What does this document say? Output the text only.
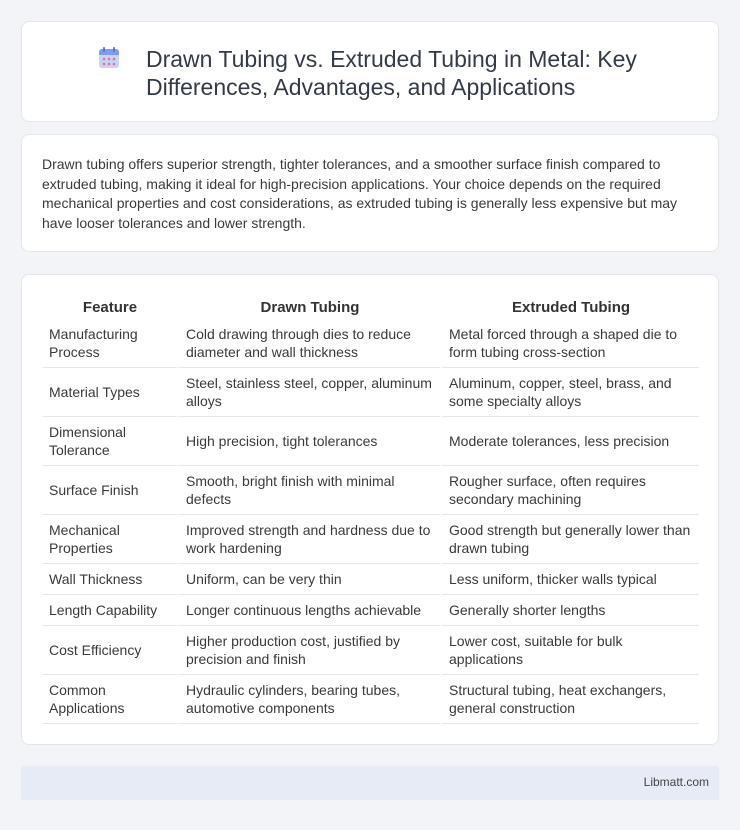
Drawn Tubing vs. Extruded Tubing in Metal: Key Differences, Advantages, and Applications

Drawn tubing offers superior strength, tighter tolerances, and a smoother surface finish compared to extruded tubing, making it ideal for high-precision applications. Your choice depends on the required mechanical properties and cost considerations, as extruded tubing is generally less expensive but may have looser tolerances and lower strength.

Feature	Drawn Tubing	Extruded Tubing
Manufacturing Process	Cold drawing through dies to reduce diameter and wall thickness	Metal forced through a shaped die to form tubing cross-section
Material Types	Steel, stainless steel, copper, aluminum alloys	Aluminum, copper, steel, brass, and some specialty alloys
Dimensional Tolerance	High precision, tight tolerances	Moderate tolerances, less precision
Surface Finish	Smooth, bright finish with minimal defects	Rougher surface, often requires secondary machining
Mechanical Properties	Improved strength and hardness due to work hardening	Good strength but generally lower than drawn tubing
Wall Thickness	Uniform, can be very thin	Less uniform, thicker walls typical
Length Capability	Longer continuous lengths achievable	Generally shorter lengths
Cost Efficiency	Higher production cost, justified by precision and finish	Lower cost, suitable for bulk applications
Common Applications	Hydraulic cylinders, bearing tubes, automotive components	Structural tubing, heat exchangers, general construction
Libmatt.com
